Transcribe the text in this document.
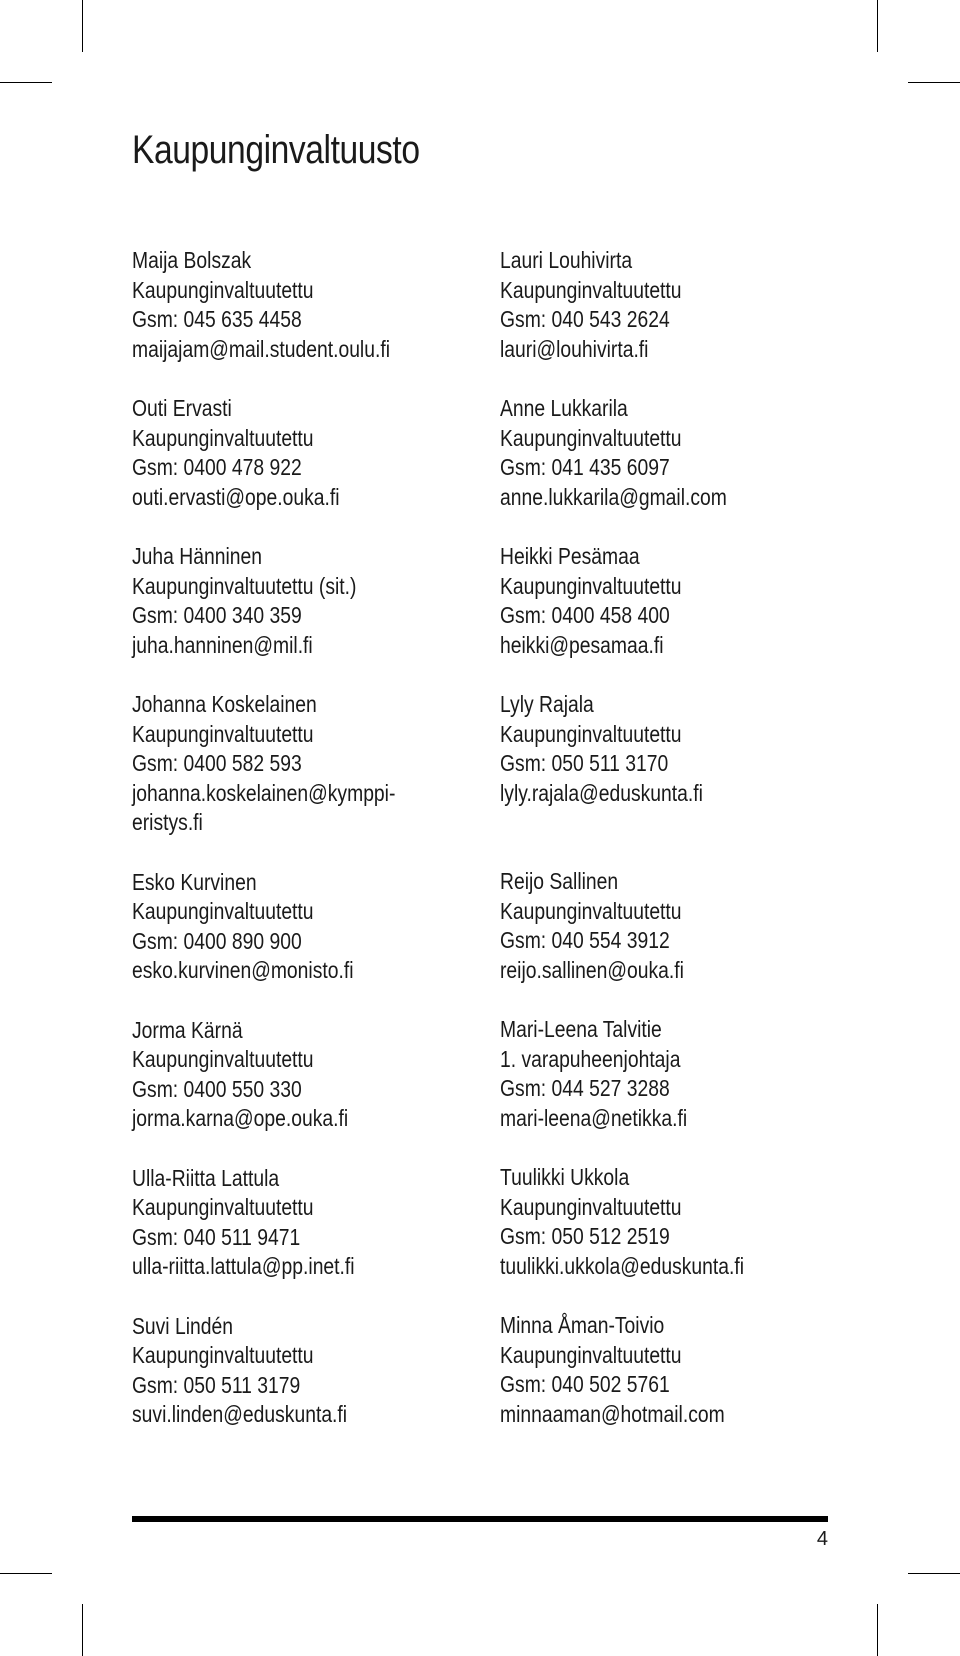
Kaupunginvaltuusto
Maija Bolszak
Kaupunginvaltuutettu
Gsm: 045 635 4458
maijajam@mail.student.oulu.fi
Outi Ervasti
Kaupunginvaltuutettu
Gsm: 0400 478 922
outi.ervasti@ope.ouka.fi
Juha Hänninen
Kaupunginvaltuutettu (sit.)
Gsm: 0400 340 359
juha.hanninen@mil.fi
Johanna Koskelainen
Kaupunginvaltuutettu
Gsm: 0400 582 593
johanna.koskelainen@kymppi-
eristys.fi
Esko Kurvinen
Kaupunginvaltuutettu
Gsm: 0400 890 900
esko.kurvinen@monisto.fi
Jorma Kärnä
Kaupunginvaltuutettu
Gsm: 0400 550 330
jorma.karna@ope.ouka.fi
Ulla-Riitta Lattula
Kaupunginvaltuutettu
Gsm: 040 511 9471
ulla-riitta.lattula@pp.inet.fi
Suvi Lindén
Kaupunginvaltuutettu
Gsm: 050 511 3179
suvi.linden@eduskunta.fi
Lauri Louhivirta
Kaupunginvaltuutettu
Gsm: 040 543 2624
lauri@louhivirta.fi
Anne Lukkarila
Kaupunginvaltuutettu
Gsm: 041 435 6097
anne.lukkarila@gmail.com
Heikki Pesämaa
Kaupunginvaltuutettu
Gsm: 0400 458 400
heikki@pesamaa.fi
Lyly Rajala
Kaupunginvaltuutettu
Gsm: 050 511 3170
lyly.rajala@eduskunta.fi
Reijo Sallinen
Kaupunginvaltuutettu
Gsm: 040 554 3912
reijo.sallinen@ouka.fi
Mari-Leena Talvitie
1. varapuheenjohtaja
Gsm: 044 527 3288
mari-leena@netikka.fi
Tuulikki Ukkola
Kaupunginvaltuutettu
Gsm: 050 512 2519
tuulikki.ukkola@eduskunta.fi
Minna Åman-Toivio
Kaupunginvaltuutettu
Gsm: 040 502 5761
minnaaman@hotmail.com
4
